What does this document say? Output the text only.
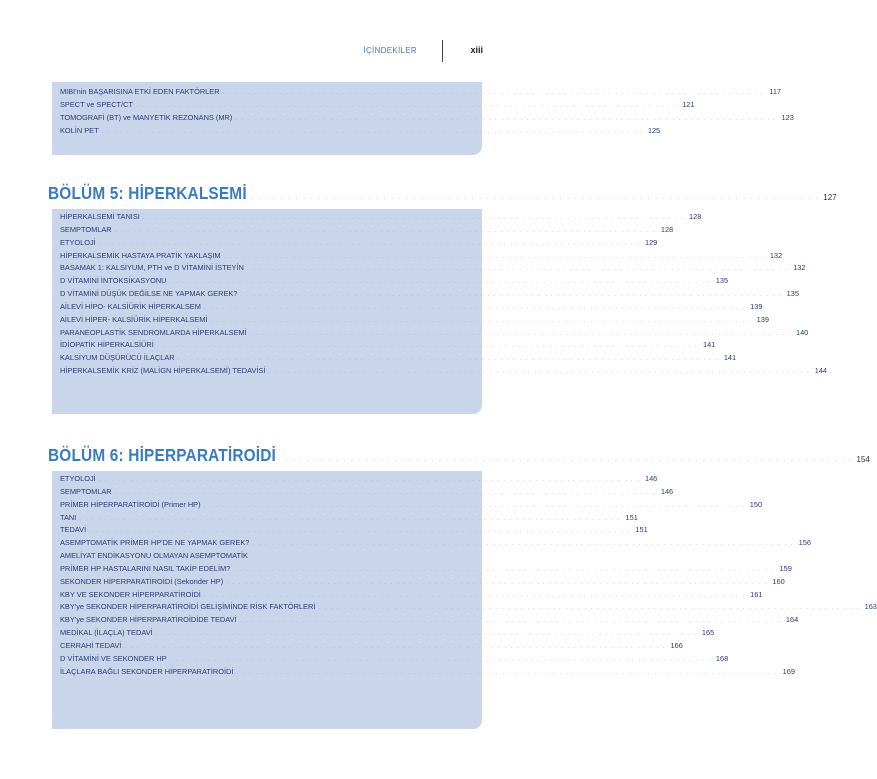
İÇİNDEKİLER	xiii
MIBI'nin BAŞARISINA ETKİ EDEN FAKTÖRLER . . . . . . . . . . . . . . . . . . . . . . . . . . . . . . . . . . . . . . . . . . . . . . . . . . . . . . . . . . . . . . . . . . . . . . . . . . . . . . . . . . . . . . 117
SPECT ve SPECT/CT . . . . . . . . . . . . . . . . . . . . . . . . . . . . . . . . . . . . . . . . . . . . . . . . . . . . . . . . . . . . . . . . . . . . . . . . . . . . . . . . . . . . . . 121
TOMOGRAFİ (BT) ve MANYETİK REZONANS (MR) . . . . . . . . . . . . . . . . . . . . . . . . . . . . . . . . . . . . . . . . . . . . . . . . . . . . . . . . . . . . . . . . . . . . . . . . . . . . . . . . . . . . . . 123
KOLİN PET . . . . . . . . . . . . . . . . . . . . . . . . . . . . . . . . . . . . . . . . . . . . . . . . . . . . . . . . . . . . . . . . . . . . . . . . . . . . . . . . . . . . . . 125
BÖLÜM 5: HİPERKALSEMİ . . . . . . . . . . . . . . . . . . . . . . . . . . . . . . . . . . . . . . . . . . . . . . . . . . . . . . . . . . . . . . . . . . . . . . . . . . . . . . 127
HİPERKALSEMİ TANISI . . . . . . . . . . . . . . . . . . . . . . . . . . . . . . . . . . . . . . . . . . . . . . . . . . . . . . . . . . . . . . . . . . . . . . . . . . . . . . . . . . . . . . 128
SEMPTOMLAR . . . . . . . . . . . . . . . . . . . . . . . . . . . . . . . . . . . . . . . . . . . . . . . . . . . . . . . . . . . . . . . . . . . . . . . . . . . . . . . . . . . . . . 128
ETYOLOJİ . . . . . . . . . . . . . . . . . . . . . . . . . . . . . . . . . . . . . . . . . . . . . . . . . . . . . . . . . . . . . . . . . . . . . . . . . . . . . . . . . . . . . . 129
HİPERKALSEMİK HASTAYA PRATİK YAKLAŞIM . . . . . . . . . . . . . . . . . . . . . . . . . . . . . . . . . . . . . . . . . . . . . . . . . . . . . . . . . . . . . . . . . . . . . . . . . . . . . . . . . . . . . . 132
BASAMAK 1: KALSİYUM, PTH ve D VİTAMİNİ İSTEYİN . . . . . . . . . . . . . . . . . . . . . . . . . . . . . . . . . . . . . . . . . . . . . . . . . . . . . . . . . . . . . . . . . . . . . . . . . . . . . . . . . . . . . . 132
D VİTAMİNİ İNTOKSİKASYONU . . . . . . . . . . . . . . . . . . . . . . . . . . . . . . . . . . . . . . . . . . . . . . . . . . . . . . . . . . . . . . . . . . . . . . . . . . . . . . . . . . . . . . 135
D VİTAMİNİ DÜŞÜK DEĞİLSE NE YAPMAK GEREK? . . . . . . . . . . . . . . . . . . . . . . . . . . . . . . . . . . . . . . . . . . . . . . . . . . . . . . . . . . . . . . . . . . . . . . . . . . . . . . . . . . . . . . 135
AİLEVİ HİPO- KALSİÜRİK HİPERKALSEM . . . . . . . . . . . . . . . . . . . . . . . . . . . . . . . . . . . . . . . . . . . . . . . . . . . . . . . . . . . . . . . . . . . . . . . . . . . . . . . . . . . . . . 139
AİLEVİ HİPER- KALSİÜRİK HİPERKALSEMİ . . . . . . . . . . . . . . . . . . . . . . . . . . . . . . . . . . . . . . . . . . . . . . . . . . . . . . . . . . . . . . . . . . . . . . . . . . . . . . . . . . . . . . 139
PARANEOPLASTİK SENDROMLARDA HİPERKALSEMİ . . . . . . . . . . . . . . . . . . . . . . . . . . . . . . . . . . . . . . . . . . . . . . . . . . . . . . . . . . . . . . . . . . . . . . . . . . . . . . . . . . . . . . 140
İDİOPATİK HİPERKALSİÜRİ . . . . . . . . . . . . . . . . . . . . . . . . . . . . . . . . . . . . . . . . . . . . . . . . . . . . . . . . . . . . . . . . . . . . . . . . . . . . . . . . . . . . . . 141
KALSİYUM DÜŞÜRÜCÜ İLAÇLAR . . . . . . . . . . . . . . . . . . . . . . . . . . . . . . . . . . . . . . . . . . . . . . . . . . . . . . . . . . . . . . . . . . . . . . . . . . . . . . . . . . . . . . 141
HİPERKALSEMİK KRİZ (MALİGN HİPERKALSEMİ) TEDAVİSİ . . . . . . . . . . . . . . . . . . . . . . . . . . . . . . . . . . . . . . . . . . . . . . . . . . . . . . . . . . . . . . . . . . . . . . . . . . . . . . . . . . . . . . 144
BÖLÜM 6: HİPERPARATİROİDİ . . . . . . . . . . . . . . . . . . . . . . . . . . . . . . . . . . . . . . . . . . . . . . . . . . . . . . . . . . . . . . . . . . . . . . . . . . . . . . 154
ETYOLOJİ . . . . . . . . . . . . . . . . . . . . . . . . . . . . . . . . . . . . . . . . . . . . . . . . . . . . . . . . . . . . . . . . . . . . . . . . . . . . . . . . . . . . . . 146
SEMPTOMLAR . . . . . . . . . . . . . . . . . . . . . . . . . . . . . . . . . . . . . . . . . . . . . . . . . . . . . . . . . . . . . . . . . . . . . . . . . . . . . . . . . . . . . . 146
PRİMER HİPERPARATİROİDİ (Primer HP) . . . . . . . . . . . . . . . . . . . . . . . . . . . . . . . . . . . . . . . . . . . . . . . . . . . . . . . . . . . . . . . . . . . . . . . . . . . . . . . . . . . . . . 150
TANI . . . . . . . . . . . . . . . . . . . . . . . . . . . . . . . . . . . . . . . . . . . . . . . . . . . . . . . . . . . . . . . . . . . . . . . . . . . . . . . . . . . . . . 151
TEDAVİ . . . . . . . . . . . . . . . . . . . . . . . . . . . . . . . . . . . . . . . . . . . . . . . . . . . . . . . . . . . . . . . . . . . . . . . . . . . . . . . . . . . . . . 151
ASEMPTOMATİK PRİMER HP'DE NE YAPMAK GEREK? . . . . . . . . . . . . . . . . . . . . . . . . . . . . . . . . . . . . . . . . . . . . . . . . . . . . . . . . . . . . . . . . . . . . . . . . . . . . . . . . . . . . . . 156
AMELİYAT ENDİKASYONU OLMAYAN ASEMPTOMATİK
PRİMER HP HASTALARINI NASIL TAKİP EDELİM? . . . . . . . . . . . . . . . . . . . . . . . . . . . . . . . . . . . . . . . . . . . . . . . . . . . . . . . . . . . . . . . . . . . . . . . . . . . . . . . . . . . . . . 159
SEKONDER HİPERPARATİROİDİ (Sekonder HP) . . . . . . . . . . . . . . . . . . . . . . . . . . . . . . . . . . . . . . . . . . . . . . . . . . . . . . . . . . . . . . . . . . . . . . . . . . . . . . . . . . . . . . 160
KBY VE SEKONDER HİPERPARATİROİDİ . . . . . . . . . . . . . . . . . . . . . . . . . . . . . . . . . . . . . . . . . . . . . . . . . . . . . . . . . . . . . . . . . . . . . . . . . . . . . . . . . . . . . . 161
KBY'ye SEKONDER HİPERPARATİROİDİ GELİŞİMİNDE RİSK FAKTÖRLERİ . . . . . . . . . . . . . . . . . . . . . . . . . . . . . . . . . . . . . . . . . . . . . . . . . . . . . . . . . . . . . . . . . . . . . . . . . . . . . . . . . . . . . . 163
KBY'ye SEKONDER HİPERPARATİROİDİDE TEDAVİ . . . . . . . . . . . . . . . . . . . . . . . . . . . . . . . . . . . . . . . . . . . . . . . . . . . . . . . . . . . . . . . . . . . . . . . . . . . . . . . . . . . . . . 164
MEDİKAL (İLAÇLA) TEDAVİ . . . . . . . . . . . . . . . . . . . . . . . . . . . . . . . . . . . . . . . . . . . . . . . . . . . . . . . . . . . . . . . . . . . . . . . . . . . . . . . . . . . . . . 165
CERRAHİ TEDAVİ . . . . . . . . . . . . . . . . . . . . . . . . . . . . . . . . . . . . . . . . . . . . . . . . . . . . . . . . . . . . . . . . . . . . . . . . . . . . . . . . . . . . . . 166
D VİTAMİNİ VE SEKONDER HP . . . . . . . . . . . . . . . . . . . . . . . . . . . . . . . . . . . . . . . . . . . . . . . . . . . . . . . . . . . . . . . . . . . . . . . . . . . . . . . . . . . . . . 168
İLAÇLARA BAĞLI SEKONDER HİPERPARATİROİDİ . . . . . . . . . . . . . . . . . . . . . . . . . . . . . . . . . . . . . . . . . . . . . . . . . . . . . . . . . . . . . . . . . . . . . . . . . . . . . . . . . . . . . . 169
